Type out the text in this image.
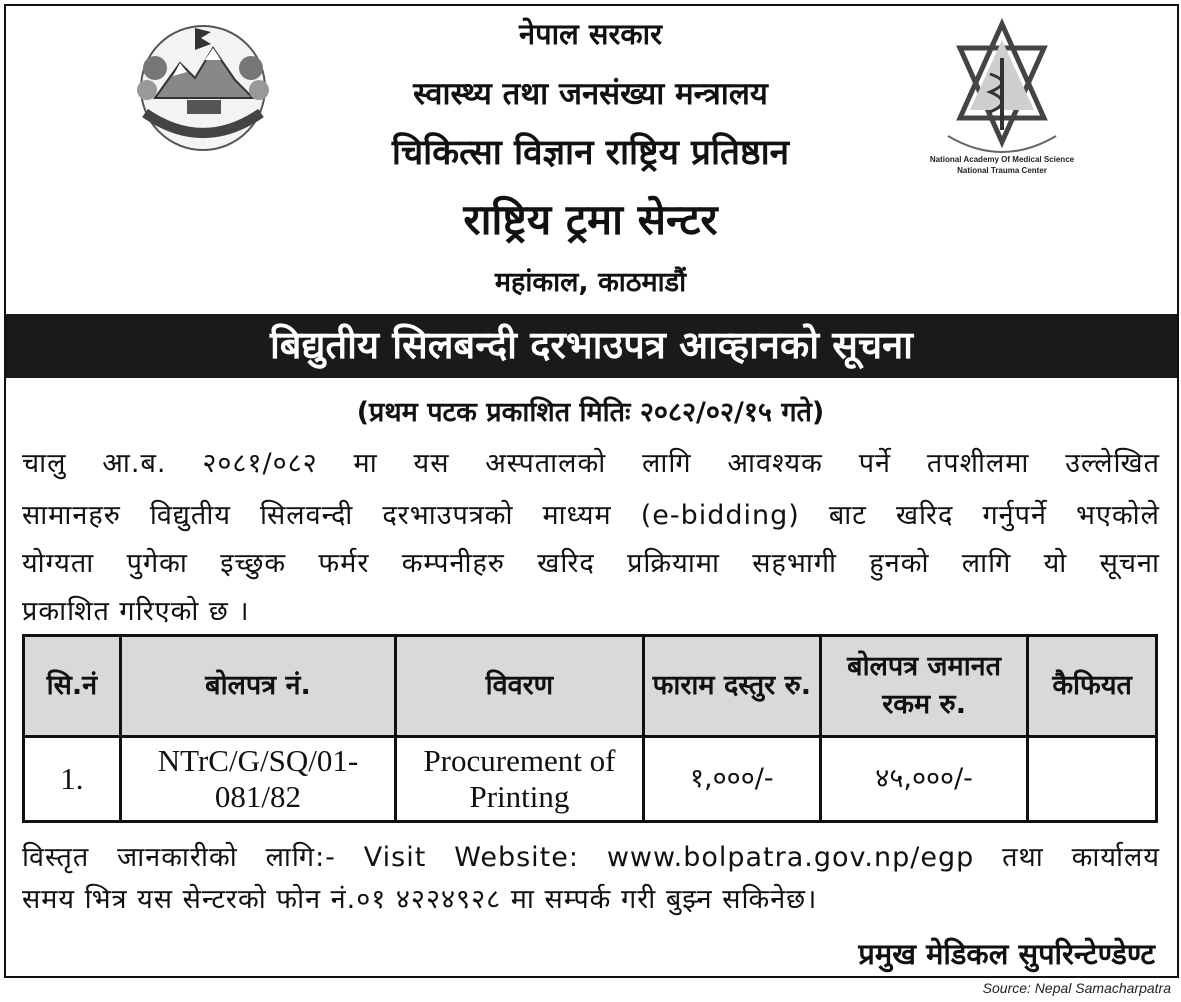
National Academy Of Medical Science
National Trauma Center
नेपाल सरकार
स्वास्थ्य तथा जनसंख्या मन्त्रालय
चिकित्सा विज्ञान राष्ट्रिय प्रतिष्ठान
राष्ट्रिय ट्रमा सेन्टर
महांकाल, काठमाडौं
बिद्युतीय सिलबन्दी दरभाउपत्र आव्हानको सूचना
(प्रथम पटक प्रकाशित मितिः २०८२/०२/१५ गते)
चालु आ.ब. २०८१/०८२ मा यस अस्पतालको लागि आवश्यक पर्ने तपशीलमा उल्लेखित
सामानहरु विद्युतीय सिलवन्दी दरभाउपत्रको माध्यम (e-bidding) बाट खरिद गर्नुपर्ने भएकोले
योग्यता पुगेका इच्छुक फर्मर कम्पनीहरु खरिद प्रक्रियामा सहभागी हुनको लागि यो सूचना
प्रकाशित गरिएको छ ।
सि.नं	बोलपत्र नं.	विवरण	फाराम दस्तुर रु.	बोलपत्र जमानत रकम रु.	कैफियत
1.	NTrC/G/SQ/01-081/82	Procurement of Printing	१,०००/-	४५,०००/-	
विस्तृत जानकारीको लागि:- Visit Website: www.bolpatra.gov.np/egp तथा कार्यालय
समय भित्र यस सेन्टरको फोन नं.०१ ४२२४९२८ मा सम्पर्क गरी बुझ्न सकिनेछ।
प्रमुख मेडिकल सुपरिन्टेण्डेण्ट
Source: Nepal Samacharpatra
